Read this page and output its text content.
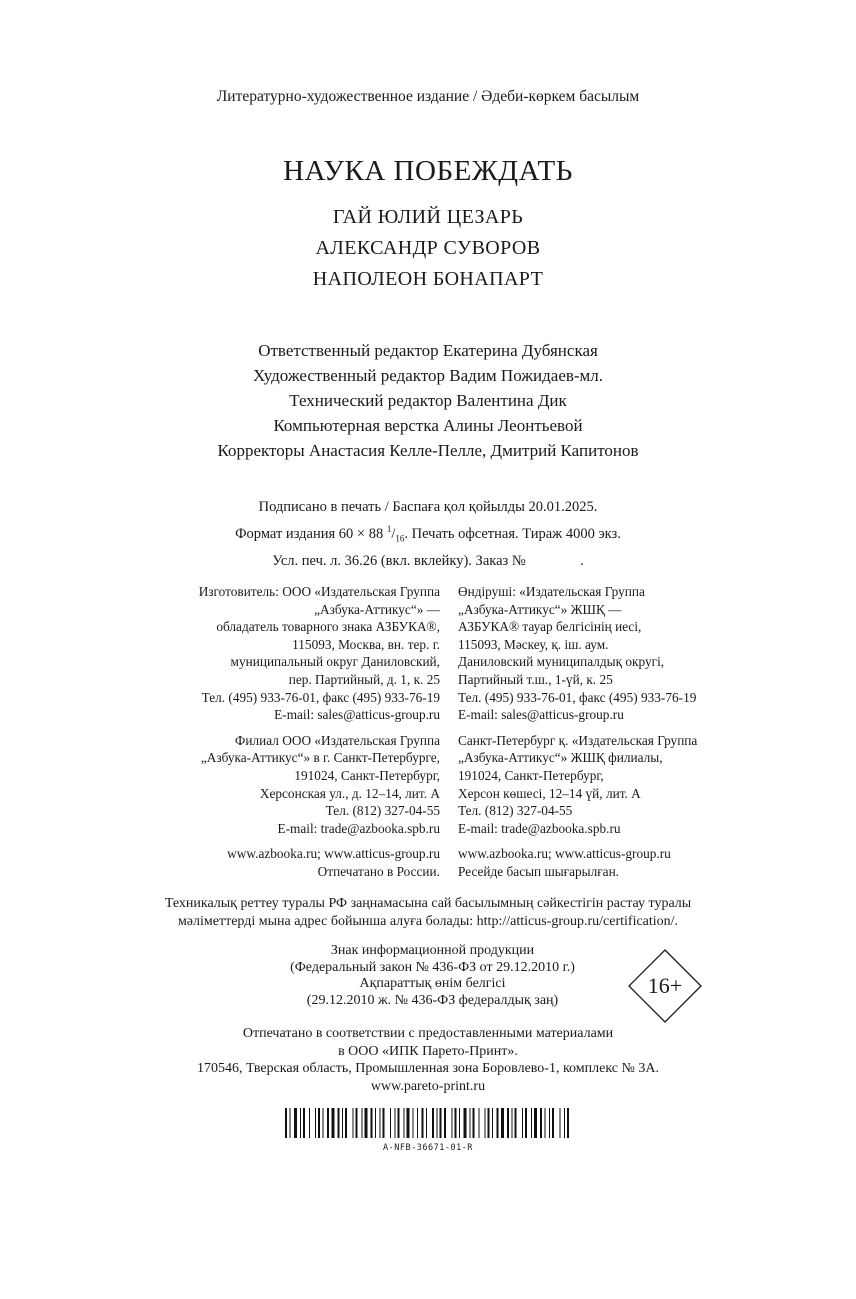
Литературно-художественное издание / Әдеби-көркем басылым
НАУКА ПОБЕЖДАТЬ
ГАЙ ЮЛИЙ ЦЕЗАРЬ
АЛЕКСАНДР СУВОРОВ
НАПОЛЕОН БОНАПАРТ
Ответственный редактор Екатерина Дубянская
Художественный редактор Вадим Пожидаев-мл.
Технический редактор Валентина Дик
Компьютерная верстка Алины Леонтьевой
Корректоры Анастасия Келле-Пелле, Дмитрий Капитонов
Подписано в печать / Баспаға қол қойылды 20.01.2025.
Формат издания 60 × 88 $^1/_{16}$. Печать офсетная. Тираж 4000 экз.
Усл. печ. л. 36.26 (вкл. вклейку). Заказ №               .
Изготовитель: ООО «Издательская Группа
„Азбука-Аттикус“» —
обладатель товарного знака АЗБУКА®,
115093, Москва, вн. тер. г.
муниципальный округ Даниловский,
пер. Партийный, д. 1, к. 25
Тел. (495) 933-76-01, факс (495) 933-76-19
E-mail: sales@atticus-group.ru
Филиал ООО «Издательская Группа
„Азбука-Аттикус“» в г. Санкт-Петербурге,
191024, Санкт-Петербург,
Херсонская ул., д. 12–14, лит. А
Тел. (812) 327-04-55
E-mail: trade@azbooka.spb.ru
www.azbooka.ru; www.atticus-group.ru
Отпечатано в России.
Өндіруші: «Издательская Группа
„Азбука-Аттикус“» ЖШҚ —
АЗБУКА® тауар белгісінің иесі,
115093, Мәскеу, қ. іш. аум.
Даниловский муниципалдық округі,
Партийный т.ш., 1-үй, к. 25
Тел. (495) 933-76-01, факс (495) 933-76-19
E-mail: sales@atticus-group.ru
Санкт-Петербург қ. «Издательская Группа
„Азбука-Аттикус“» ЖШҚ филиалы,
191024, Санкт-Петербург,
Херсон көшесі, 12–14 үй, лит. А
Тел. (812) 327-04-55
E-mail: trade@azbooka.spb.ru
www.azbooka.ru; www.atticus-group.ru
Ресейде басып шығарылған.
Техникалық реттеу туралы РФ заңнамасына сай басылымның сәйкестігін растау туралы
мәліметтерді мына адрес бойынша алуға болады: http://atticus-group.ru/certification/.
Знак информационной продукции
(Федеральный закон № 436-ФЗ от 29.12.2010 г.)
Ақпараттық өнім белгісі
(29.12.2010 ж. № 436-ФЗ федералдық заң)
16+
Отпечатано в соответствии с предоставленными материалами
в ООО «ИПК Парето-Принт».
170546, Тверская область, Промышленная зона Боровлево-1, комплекс № 3А.
www.pareto-print.ru
A-NFB-36671-01-R
